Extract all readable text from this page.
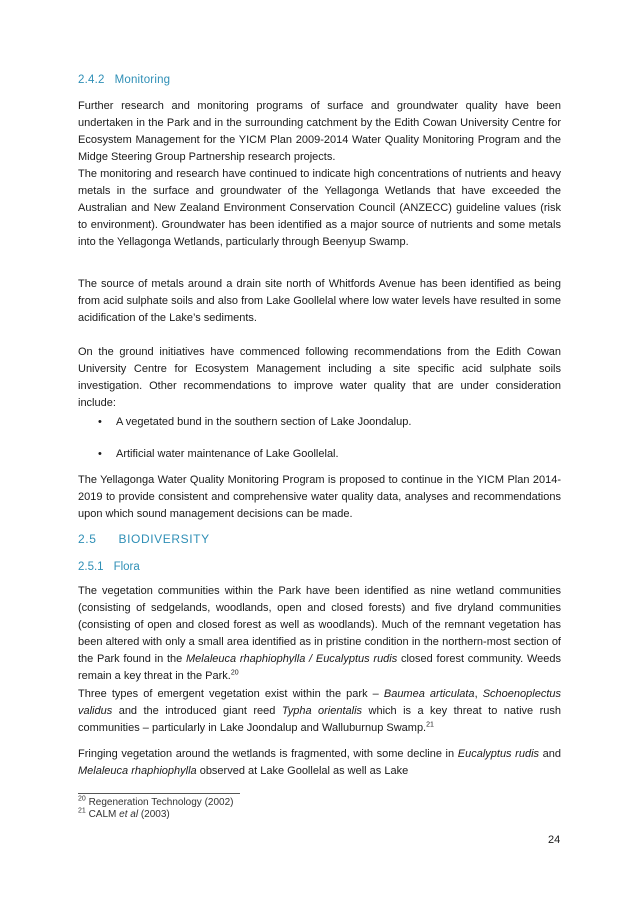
2.4.2 Monitoring

Further research and monitoring programs of surface and groundwater quality have been undertaken in the Park and in the surrounding catchment by the Edith Cowan University Centre for Ecosystem Management for the YICM Plan 2009-2014 Water Quality Monitoring Program and the Midge Steering Group Partnership research projects.

The monitoring and research have continued to indicate high concentrations of nutrients and heavy metals in the surface and groundwater of the Yellagonga Wetlands that have exceeded the Australian and New Zealand Environment Conservation Council (ANZECC) guideline values (risk to environment). Groundwater has been identified as a major source of nutrients and some metals into the Yellagonga Wetlands, particularly through Beenyup Swamp.

The source of metals around a drain site north of Whitfords Avenue has been identified as being from acid sulphate soils and also from Lake Goollelal where low water levels have resulted in some acidification of the Lake’s sediments.

On the ground initiatives have commenced following recommendations from the Edith Cowan University Centre for Ecosystem Management including a site specific acid sulphate soils investigation. Other recommendations to improve water quality that are under consideration include:

• A vegetated bund in the southern section of Lake Joondalup.
• Artificial water maintenance of Lake Goollelal.

The Yellagonga Water Quality Monitoring Program is proposed to continue in the YICM Plan 2014-2019 to provide consistent and comprehensive water quality data, analyses and recommendations upon which sound management decisions can be made.

2.5 BIODIVERSITY
2.5.1 Flora

The vegetation communities within the Park have been identified as nine wetland communities (consisting of sedgelands, woodlands, open and closed forests) and five dryland communities (consisting of open and closed forest as well as woodlands). Much of the remnant vegetation has been altered with only a small area identified as in pristine condition in the northern-most section of the Park found in the Melaleuca rhaphiophylla / Eucalyptus rudis closed forest community. Weeds remain a key threat in the Park.$^{20}$

Three types of emergent vegetation exist within the park – Baumea articulata, Schoenoplectus validus and the introduced giant reed Typha orientalis which is a key threat to native rush communities – particularly in Lake Joondalup and Walluburnup Swamp.$^{21}$

Fringing vegetation around the wetlands is fragmented, with some decline in Eucalyptus rudis and Melaleuca rhaphiophylla observed at Lake Goollelal as well as Lake

$^{20}$ Regeneration Technology (2002)
$^{21}$ CALM et al (2003)
24
